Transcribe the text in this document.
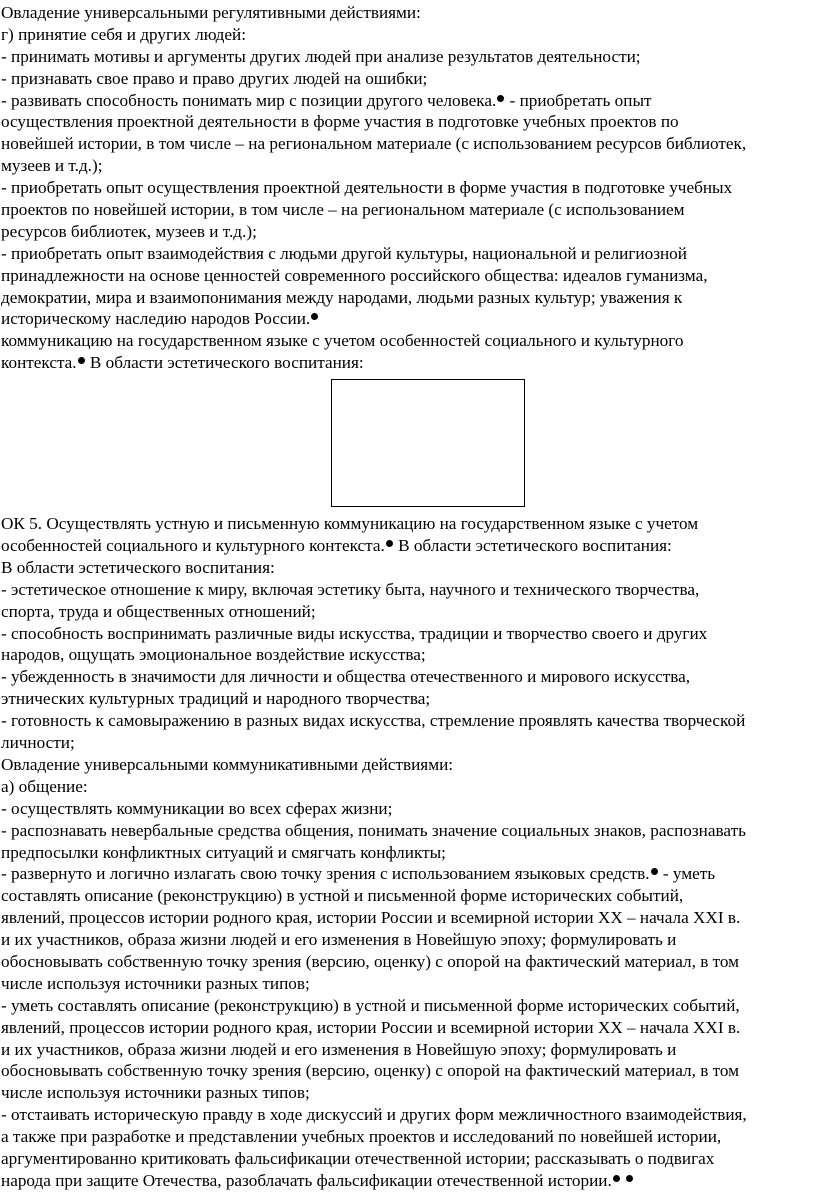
Овладение универсальными регулятивными действиями:
г) принятие себя и других людей:
- принимать мотивы и аргументы других людей при анализе результатов деятельности;
- признавать свое право и право других людей на ошибки;
- развивать способность понимать мир с позиции другого человека. - приобретать опыт
осуществления проектной деятельности в форме участия в подготовке учебных проектов по
новейшей истории, в том числе – на региональном материале (с использованием ресурсов библиотек,
музеев и т.д.);
- приобретать опыт осуществления проектной деятельности в форме участия в подготовке учебных
проектов по новейшей истории, в том числе – на региональном материале (с использованием
ресурсов библиотек, музеев и т.д.);
- приобретать опыт взаимодействия с людьми другой культуры, национальной и религиозной
принадлежности на основе ценностей современного российского общества: идеалов гуманизма,
демократии, мира и взаимопонимания между народами, людьми разных культур; уважения к
историческому наследию народов России.
коммуникацию на государственном языке с учетом особенностей социального и культурного
контекста. В области эстетического воспитания:
ОК 5. Осуществлять устную и письменную коммуникацию на государственном языке с учетом
особенностей социального и культурного контекста. В области эстетического воспитания:
В области эстетического воспитания:
- эстетическое отношение к миру, включая эстетику быта, научного и технического творчества,
спорта, труда и общественных отношений;
- способность воспринимать различные виды искусства, традиции и творчество своего и других
народов, ощущать эмоциональное воздействие искусства;
- убежденность в значимости для личности и общества отечественного и мирового искусства,
этнических культурных традиций и народного творчества;
- готовность к самовыражению в разных видах искусства, стремление проявлять качества творческой
личности;
Овладение универсальными коммуникативными действиями:
а) общение:
- осуществлять коммуникации во всех сферах жизни;
- распознавать невербальные средства общения, понимать значение социальных знаков, распознавать
предпосылки конфликтных ситуаций и смягчать конфликты;
- развернуто и логично излагать свою точку зрения с использованием языковых средств. - уметь
составлять описание (реконструкцию) в устной и письменной форме исторических событий,
явлений, процессов истории родного края, истории России и всемирной истории XX – начала XXI в.
и их участников, образа жизни людей и его изменения в Новейшую эпоху; формулировать и
обосновывать собственную точку зрения (версию, оценку) с опорой на фактический материал, в том
числе используя источники разных типов;
- уметь составлять описание (реконструкцию) в устной и письменной форме исторических событий,
явлений, процессов истории родного края, истории России и всемирной истории XX – начала XXI в.
и их участников, образа жизни людей и его изменения в Новейшую эпоху; формулировать и
обосновывать собственную точку зрения (версию, оценку) с опорой на фактический материал, в том
числе используя источники разных типов;
- отстаивать историческую правду в ходе дискуссий и других форм межличностного взаимодействия,
а также при разработке и представлении учебных проектов и исследований по новейшей истории,
аргументированно критиковать фальсификации отечественной истории; рассказывать о подвигах
народа при защите Отечества, разоблачать фальсификации отечественной истории.
